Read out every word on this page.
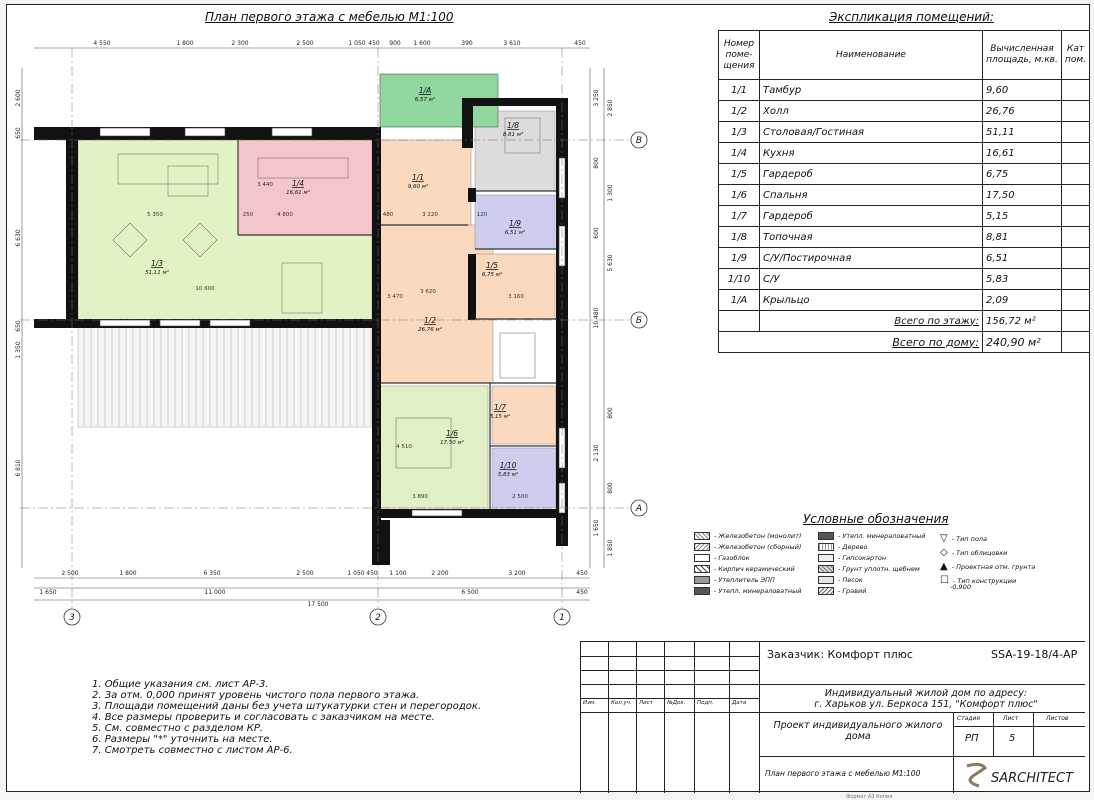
План первого этажа с мебелью М1:100
4 550	1 800	2 300	2 500	1 050 450 900 1 600	390	3 610	450
2 500	1 800	6 350	2 500	1 050 450 1 100	2 200	3 200	450
1 650	11 000	6 500	450
17 500
2 600
650
6 630
650
1 350
6 810
3 250
2 850
800
1 300
600
5 630
10 480
800
2 130
800
1 650
1 850
5 350	4 800	3 220
3 440
10 600	3 620
3 160
3 470
3 890
4 510
2 500
250	480	120
В
Б
А
3	2	1
1/1
9,60 м²
1/2
26,76 м²
1/3
51,11 м²
1/4
16,61 м²
1/5
6,75 м²
1/6
17,50 м²
1/7
5,15 м²
1/8
8,81 м²
1/9
6,51 м²
1/10
5,83 м²
1/А
6,57 м²
Экспликация помещений:
Номер поме- щения	Наименование	Вычисленная площадь, м.кв.	Кат пом.
1/1	Тамбур	9,60	
1/2	Холл	26,76	
1/3	Столовая/Гостиная	51,11	
1/4	Кухня	16,61	
1/5	Гардероб	6,75	
1/6	Спальня	17,50	
1/7	Гардероб	5,15	
1/8	Топочная	8,81	
1/9	С/У/Постирочная	6,51	
1/10	С/У	5,83	
1/А	Крыльцо	2,09	
	Всего по этажу:	156,72 м²	
	Всего по дому:	240,90 м²	
Условные обозначения
- Железобетон (монолит)
- Железобетон (сборный)
- Газоблок
- Кирпич керамический
- Утеплитель ЭПП
- Утепл. минераловатный
- Утепл. минераловатный
- Дерево
- Гипсокартон
- Грунт уплотн. щебнем
- Песок
- Гравий
▽ - Тип пола
◇ - Тип облицовки
▲ - Проектная отм. грунта
☐ - Тип конструкции
-0,900
1. Общие указания см. лист АР-3.
2. За отм. 0,000 принят уровень чистого пола первого этажа.
3. Площади помещений даны без учета штукатурки стен и перегородок.
4. Все размеры проверить и согласовать с заказчиком на месте.
5. См. совместно с разделом КР.
6. Размеры "*" уточнить на месте.
7. Смотреть совместно с листом АР-6.
Изм.	Кол.уч. Лист	№Док. Подп.	Дата
Заказчик: Комфорт плюс	SSA-19-18/4-АР
Индивидуальный жилой дом по адресу:
г. Харьков ул. Беркоса 151, "Комфорт плюс"
Проект индивидуального жилого дома
Стадия	Лист	Листов
РП	5
План первого этажа с мебелью М1:100	SARCHITECT
Формат А3 Копия
